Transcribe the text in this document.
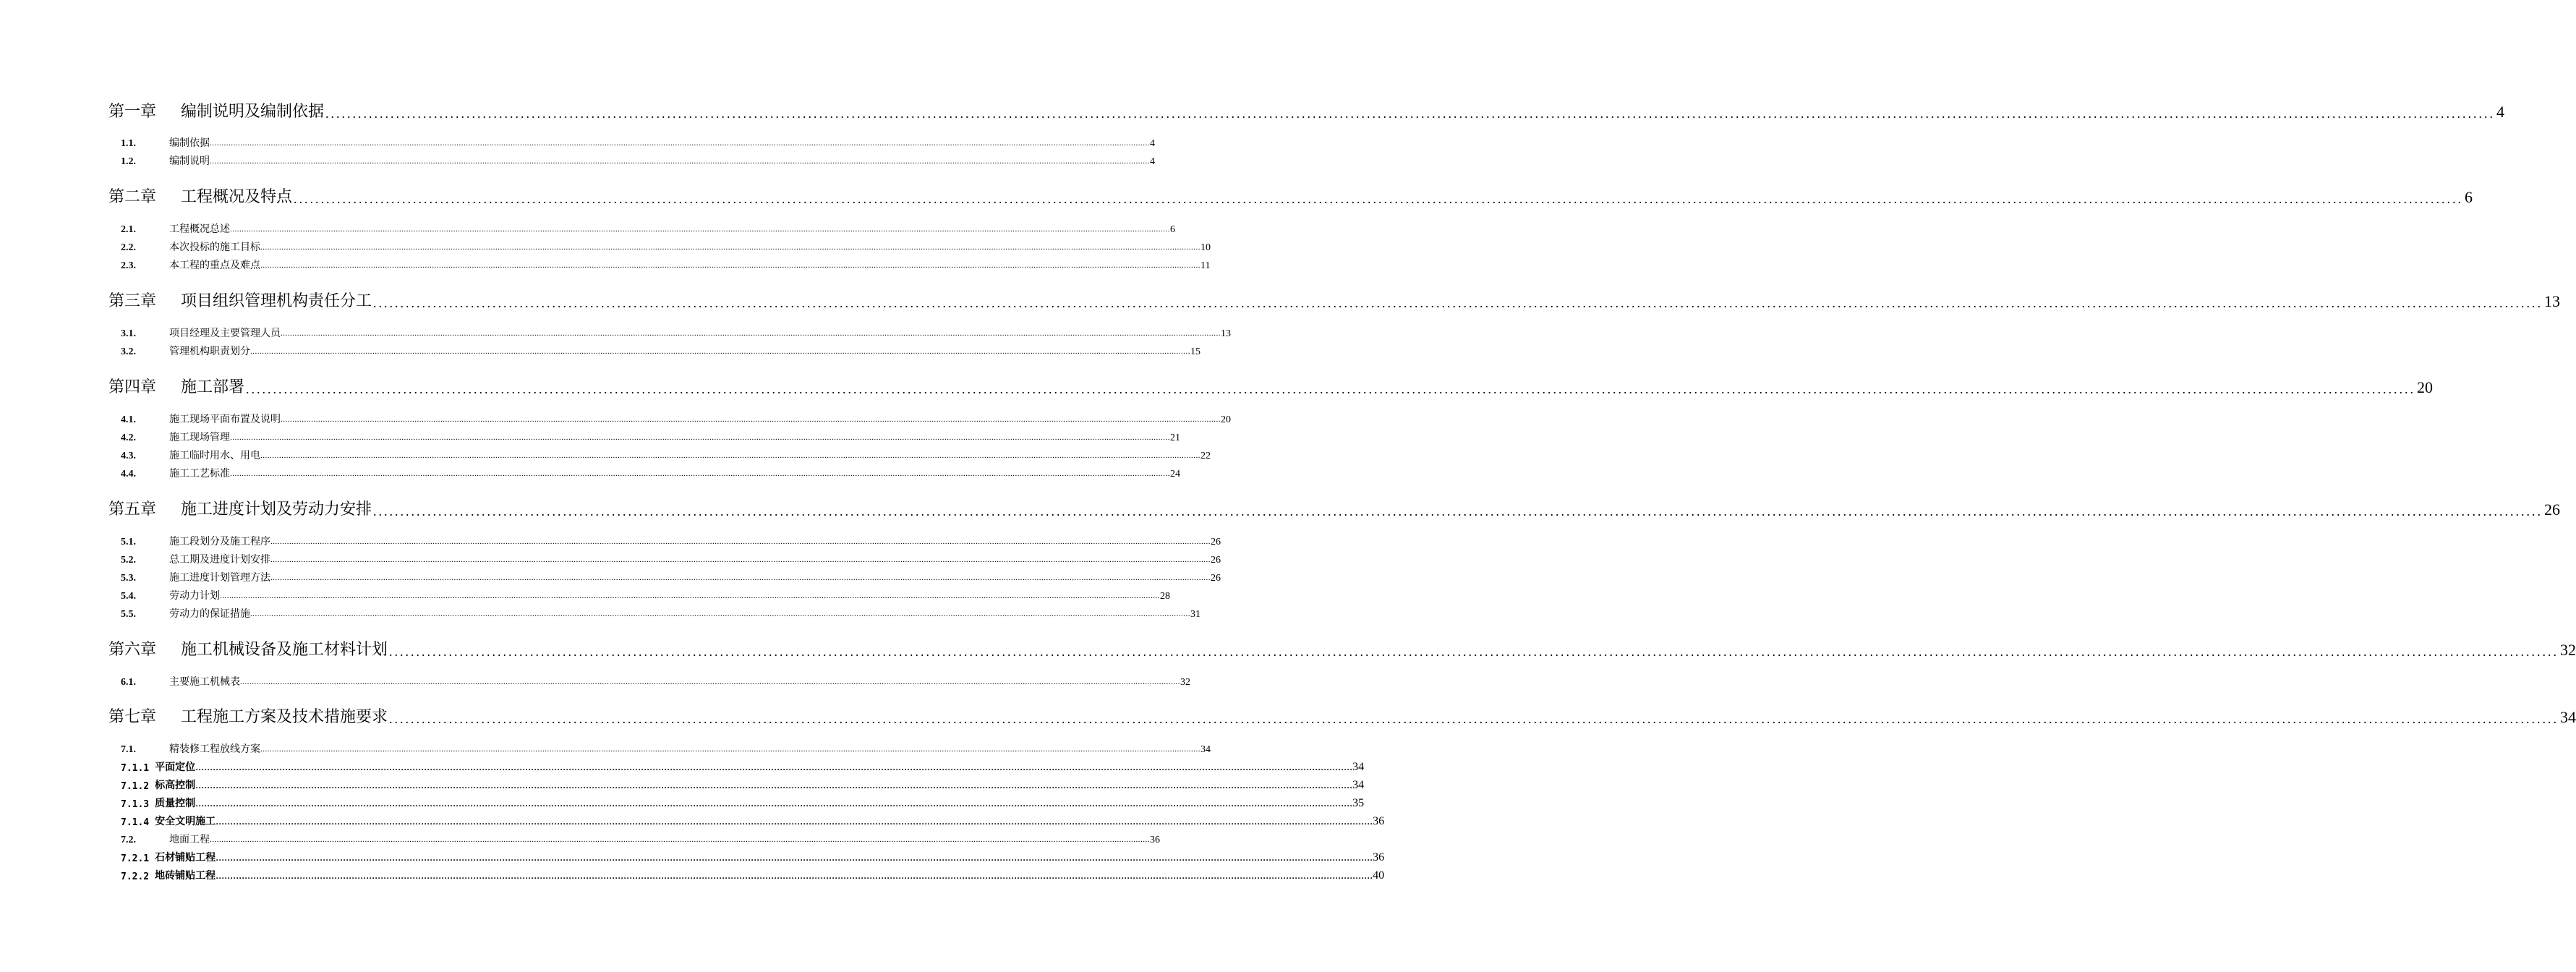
第一章	编制说明及编制依据 ................................................................................................................................................................................................................................................................................................................................................................................................................ 4
1.1.	编制依据 ................................................................................................................................................................................................................................................................................................................................................................................................................ 4
1.2.	编制说明 ................................................................................................................................................................................................................................................................................................................................................................................................................ 4
第二章	工程概况及特点 ................................................................................................................................................................................................................................................................................................................................................................................................................ 6
2.1.	工程概况总述 ................................................................................................................................................................................................................................................................................................................................................................................................................ 6
2.2.	本次投标的施工目标 ................................................................................................................................................................................................................................................................................................................................................................................................................ 10
2.3.	本工程的重点及难点 ................................................................................................................................................................................................................................................................................................................................................................................................................ 11
第三章	项目组织管理机构责任分工 ................................................................................................................................................................................................................................................................................................................................................................................................................ 13
3.1.	项目经理及主要管理人员 ................................................................................................................................................................................................................................................................................................................................................................................................................ 13
3.2.	管理机构职责划分 ................................................................................................................................................................................................................................................................................................................................................................................................................ 15
第四章	施工部署 ................................................................................................................................................................................................................................................................................................................................................................................................................ 20
4.1.	施工现场平面布置及说明 ................................................................................................................................................................................................................................................................................................................................................................................................................ 20
4.2.	施工现场管理 ................................................................................................................................................................................................................................................................................................................................................................................................................ 21
4.3.	施工临时用水、用电 ................................................................................................................................................................................................................................................................................................................................................................................................................ 22
4.4.	施工工艺标准 ................................................................................................................................................................................................................................................................................................................................................................................................................ 24
第五章	施工进度计划及劳动力安排 ................................................................................................................................................................................................................................................................................................................................................................................................................ 26
5.1.	施工段划分及施工程序 ................................................................................................................................................................................................................................................................................................................................................................................................................ 26
5.2.	总工期及进度计划安排 ................................................................................................................................................................................................................................................................................................................................................................................................................ 26
5.3.	施工进度计划管理方法 ................................................................................................................................................................................................................................................................................................................................................................................................................ 26
5.4.	劳动力计划 ................................................................................................................................................................................................................................................................................................................................................................................................................ 28
5.5.	劳动力的保证措施 ................................................................................................................................................................................................................................................................................................................................................................................................................ 31
第六章	施工机械设备及施工材料计划 ................................................................................................................................................................................................................................................................................................................................................................................................................ 32
6.1.	主要施工机械表 ................................................................................................................................................................................................................................................................................................................................................................................................................ 32
第七章	工程施工方案及技术措施要求 ................................................................................................................................................................................................................................................................................................................................................................................................................ 34
7.1.	精装修工程放线方案 ................................................................................................................................................................................................................................................................................................................................................................................................................ 34
7.1.1 平面定位 ................................................................................................................................................................................................................................................................................................................................................................................................................ 34
7.1.2 标高控制 ................................................................................................................................................................................................................................................................................................................................................................................................................ 34
7.1.3 质量控制 ................................................................................................................................................................................................................................................................................................................................................................................................................ 35
7.1.4 安全文明施工 ................................................................................................................................................................................................................................................................................................................................................................................................................ 36
7.2.	地面工程 ................................................................................................................................................................................................................................................................................................................................................................................................................ 36
7.2.1 石材铺贴工程 ................................................................................................................................................................................................................................................................................................................................................................................................................ 36
7.2.2 地砖铺贴工程 ................................................................................................................................................................................................................................................................................................................................................................................................................ 40
